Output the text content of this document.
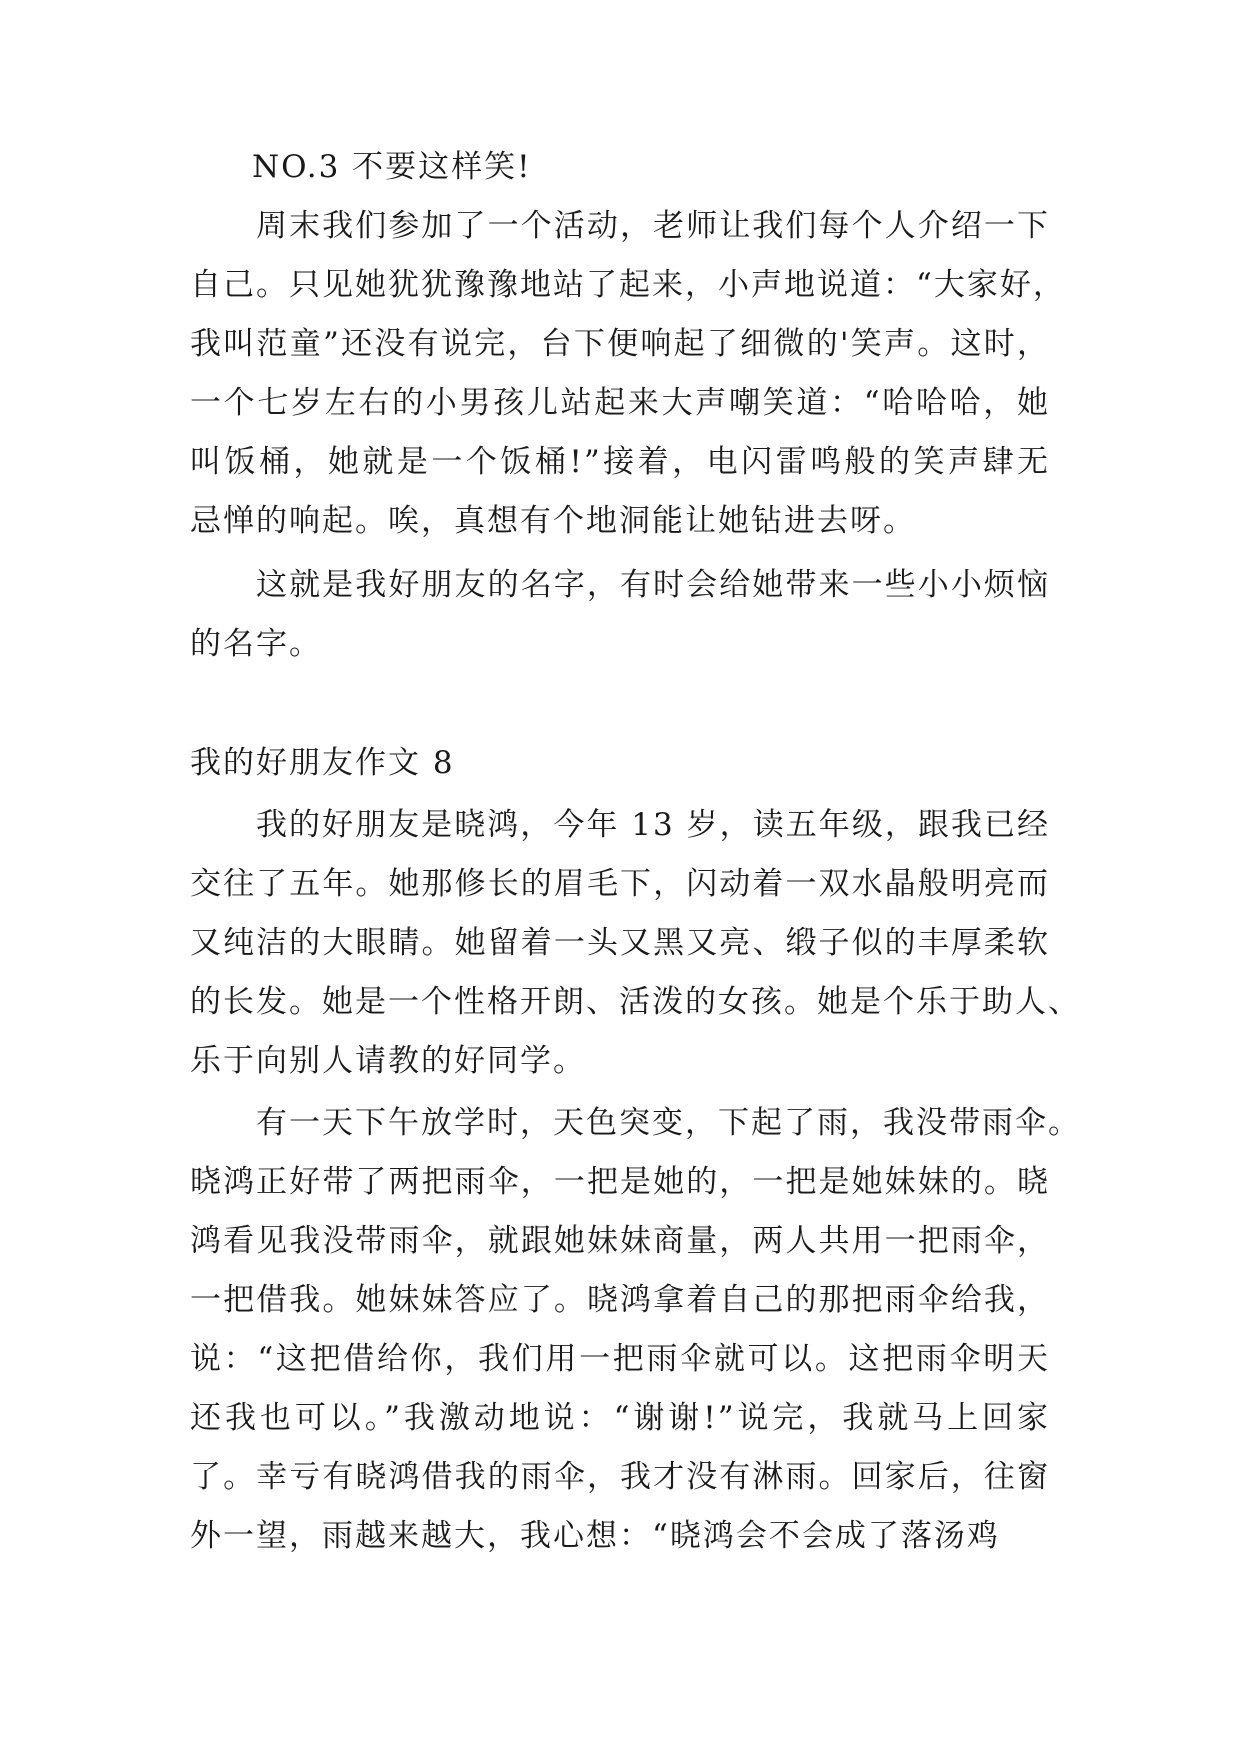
NO.3 不要这样笑!

周末我们参加了一个活动，老师让我们每个人介绍一下
自己。只见她犹犹豫豫地站了起来，小声地说道：“大家好，
我叫范童”还没有说完，台下便响起了细微的'笑声。这时，
一个七岁左右的小男孩儿站起来大声嘲笑道：“哈哈哈，她
叫饭桶，她就是一个饭桶!”接着，电闪雷鸣般的笑声肆无
忌惮的响起。唉，真想有个地洞能让她钻进去呀。
这就是我好朋友的名字，有时会给她带来一些小小烦恼
的名字。

我的好朋友作文 8

我的好朋友是晓鸿，今年 13 岁，读五年级，跟我已经
交往了五年。她那修长的眉毛下，闪动着一双水晶般明亮而
又纯洁的大眼睛。她留着一头又黑又亮、缎子似的丰厚柔软
的长发。她是一个性格开朗、活泼的女孩。她是个乐于助人、
乐于向别人请教的好同学。
有一天下午放学时，天色突变，下起了雨，我没带雨伞。
晓鸿正好带了两把雨伞，一把是她的，一把是她妹妹的。晓
鸿看见我没带雨伞，就跟她妹妹商量，两人共用一把雨伞，
一把借我。她妹妹答应了。晓鸿拿着自己的那把雨伞给我，
说：“这把借给你，我们用一把雨伞就可以。这把雨伞明天
还我也可以。”我激动地说：“谢谢!”说完，我就马上回家
了。幸亏有晓鸿借我的雨伞，我才没有淋雨。回家后，往窗
外一望，雨越来越大，我心想：“晓鸿会不会成了落汤鸡
